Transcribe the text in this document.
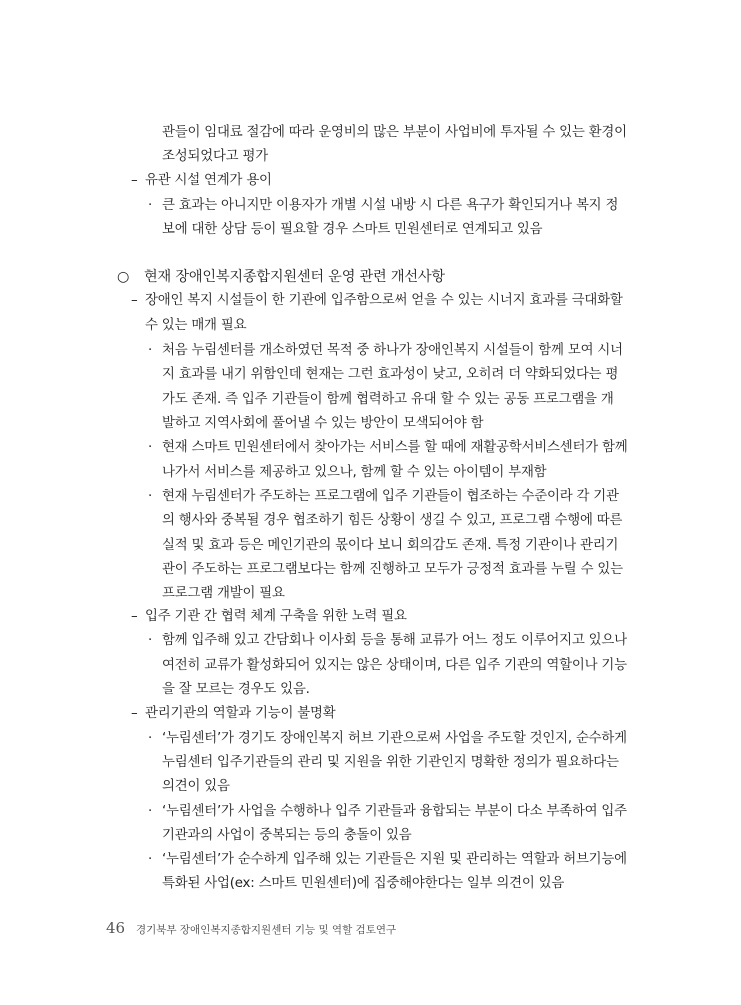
관들이 임대료 절감에 따라 운영비의 많은 부분이 사업비에 투자될 수 있는 환경이
조성되었다고 평가
– 유관 시설 연계가 용이
· 큰 효과는 아니지만 이용자가 개별 시설 내방 시 다른 욕구가 확인되거나 복지 정
보에 대한 상담 등이 필요할 경우 스마트 민원센터로 연계되고 있음
○ 현재 장애인복지종합지원센터 운영 관련 개선사항
– 장애인 복지 시설들이 한 기관에 입주함으로써 얻을 수 있는 시너지 효과를 극대화할
수 있는 매개 필요
· 처음 누림센터를 개소하였던 목적 중 하나가 장애인복지 시설들이 함께 모여 시너
지 효과를 내기 위함인데 현재는 그런 효과성이 낮고, 오히려 더 약화되었다는 평
가도 존재. 즉 입주 기관들이 함께 협력하고 유대 할 수 있는 공동 프로그램을 개
발하고 지역사회에 풀어낼 수 있는 방안이 모색되어야 함
· 현재 스마트 민원센터에서 찾아가는 서비스를 할 때에 재활공학서비스센터가 함께
나가서 서비스를 제공하고 있으나, 함께 할 수 있는 아이템이 부재함
· 현재 누림센터가 주도하는 프로그램에 입주 기관들이 협조하는 수준이라 각 기관
의 행사와 중복될 경우 협조하기 힘든 상황이 생길 수 있고, 프로그램 수행에 따른
실적 및 효과 등은 메인기관의 몫이다 보니 회의감도 존재. 특정 기관이나 관리기
관이 주도하는 프로그램보다는 함께 진행하고 모두가 긍정적 효과를 누릴 수 있는
프로그램 개발이 필요
– 입주 기관 간 협력 체계 구축을 위한 노력 필요
· 함께 입주해 있고 간담회나 이사회 등을 통해 교류가 어느 정도 이루어지고 있으나
여전히 교류가 활성화되어 있지는 않은 상태이며, 다른 입주 기관의 역할이나 기능
을 잘 모르는 경우도 있음.
– 관리기관의 역할과 기능이 불명확
· ‘누림센터’가 경기도 장애인복지 허브 기관으로써 사업을 주도할 것인지, 순수하게
누림센터 입주기관들의 관리 및 지원을 위한 기관인지 명확한 정의가 필요하다는
의견이 있음
· ‘누림센터’가 사업을 수행하나 입주 기관들과 융합되는 부분이 다소 부족하여 입주
기관과의 사업이 중복되는 등의 충돌이 있음
· ‘누림센터’가 순수하게 입주해 있는 기관들은 지원 및 관리하는 역할과 허브기능에
특화된 사업(ex: 스마트 민원센터)에 집중해야한다는 일부 의견이 있음
46 경기북부 장애인복지종합지원센터 기능 및 역할 검토연구
